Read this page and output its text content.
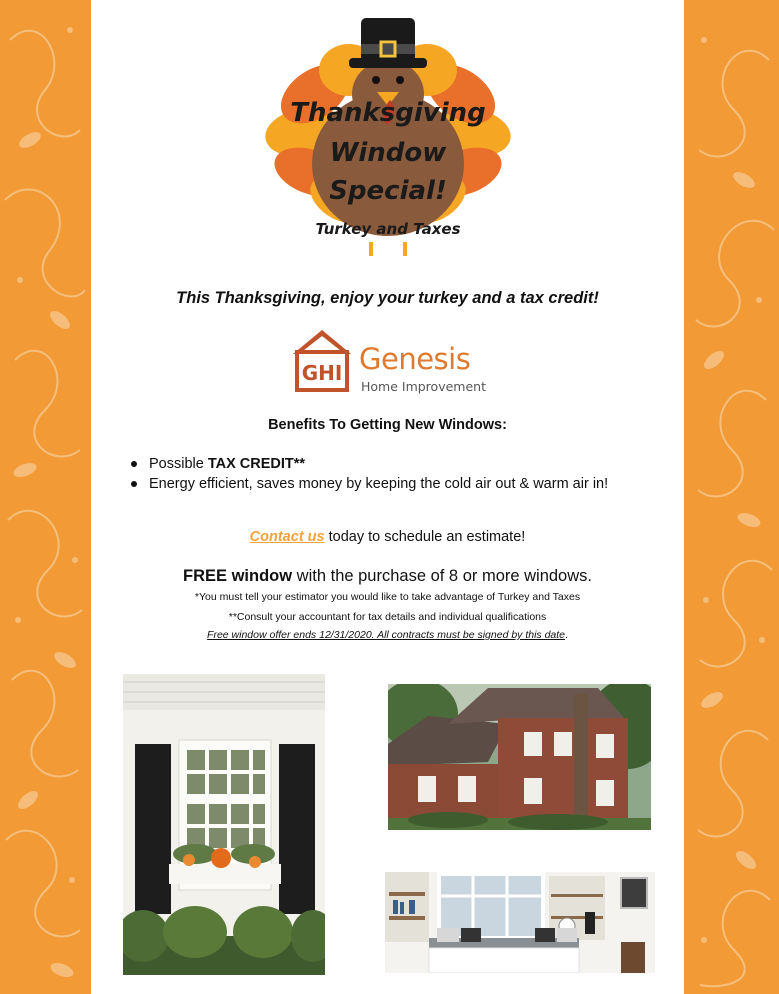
Thanksgiving
Window
Special!
Turkey and Taxes
This Thanksgiving, enjoy your turkey and a tax credit!
GHI Genesis
Home Improvement
Benefits To Getting New Windows:
Possible TAX CREDIT**
Energy efficient, saves money by keeping the cold air out & warm air in!
Contact us today to schedule an estimate!
FREE window with the purchase of 8 or more windows.
*You must tell your estimator you would like to take advantage of Turkey and Taxes
**Consult your accountant for tax details and individual qualifications
Free window offer ends 12/31/2020. All contracts must be signed by this date.
